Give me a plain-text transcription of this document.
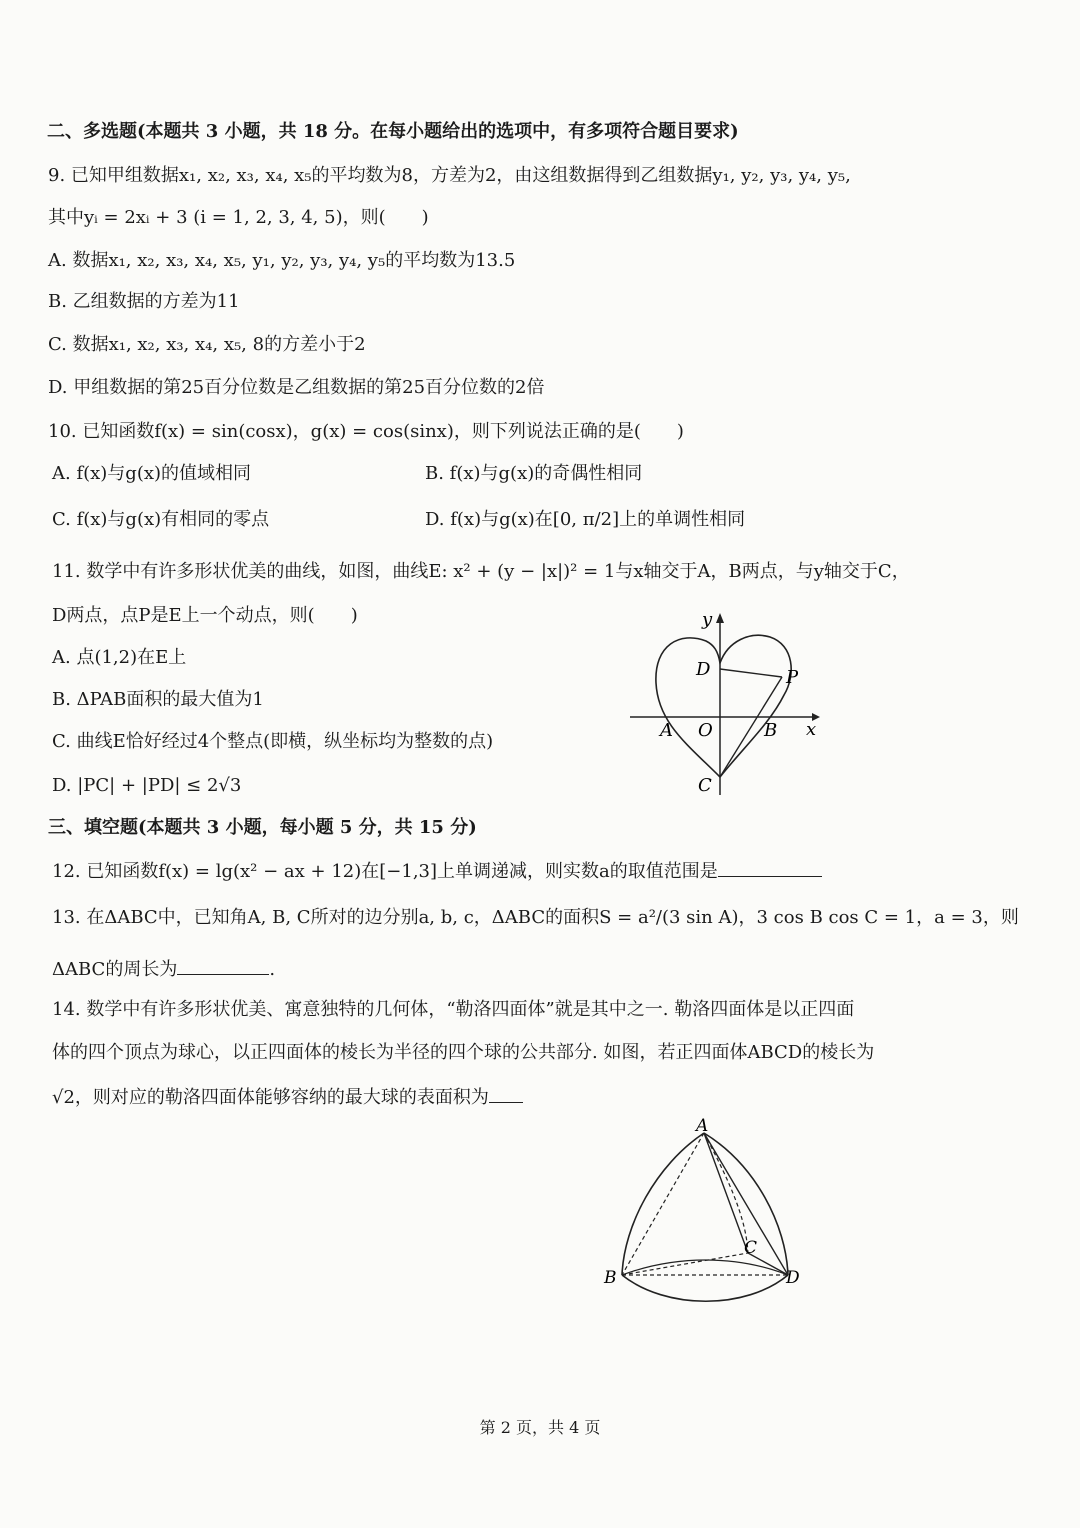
二、多选题(本题共 3 小题，共 18 分。在每小题给出的选项中，有多项符合题目要求)
9. 已知甲组数据x₁, x₂, x₃, x₄, x₅的平均数为8，方差为2，由这组数据得到乙组数据y₁, y₂, y₃, y₄, y₅,
其中yᵢ = 2xᵢ + 3 (i = 1, 2, 3, 4, 5)，则(　　)
A. 数据x₁, x₂, x₃, x₄, x₅, y₁, y₂, y₃, y₄, y₅的平均数为13.5
B. 乙组数据的方差为11
C. 数据x₁, x₂, x₃, x₄, x₅, 8的方差小于2
D. 甲组数据的第25百分位数是乙组数据的第25百分位数的2倍
10. 已知函数f(x) = sin(cosx)，g(x) = cos(sinx)，则下列说法正确的是(　　)
A. f(x)与g(x)的值域相同	B. f(x)与g(x)的奇偶性相同
C. f(x)与g(x)有相同的零点	D. f(x)与g(x)在[0, π/2]上的单调性相同
11. 数学中有许多形状优美的曲线，如图，曲线E: x² + (y − |x|)² = 1与x轴交于A，B两点，与y轴交于C，
D两点，点P是E上一个动点，则(　　)
A. 点(1,2)在E上
B. ΔPAB面积的最大值为1
C. 曲线E恰好经过4个整点(即横，纵坐标均为整数的点)
D. |PC| + |PD| ≤ 2√3
y
x
D	P
A O	B
C
三、填空题(本题共 3 小题，每小题 5 分，共 15 分)
12. 已知函数f(x) = lg(x² − ax + 12)在[−1,3]上单调递减，则实数a的取值范围是
13. 在ΔABC中，已知角A, B, C所对的边分别a, b, c，ΔABC的面积S = a²/(3 sin A)，3 cos B cos C = 1，a = 3，则
ΔABC的周长为	.
14. 数学中有许多形状优美、寓意独特的几何体，“勒洛四面体”就是其中之一. 勒洛四面体是以正四面
体的四个顶点为球心，以正四面体的棱长为半径的四个球的公共部分. 如图，若正四面体ABCD的棱长为
√2，则对应的勒洛四面体能够容纳的最大球的表面积为
A
B
C
D
第 2 页，共 4 页
